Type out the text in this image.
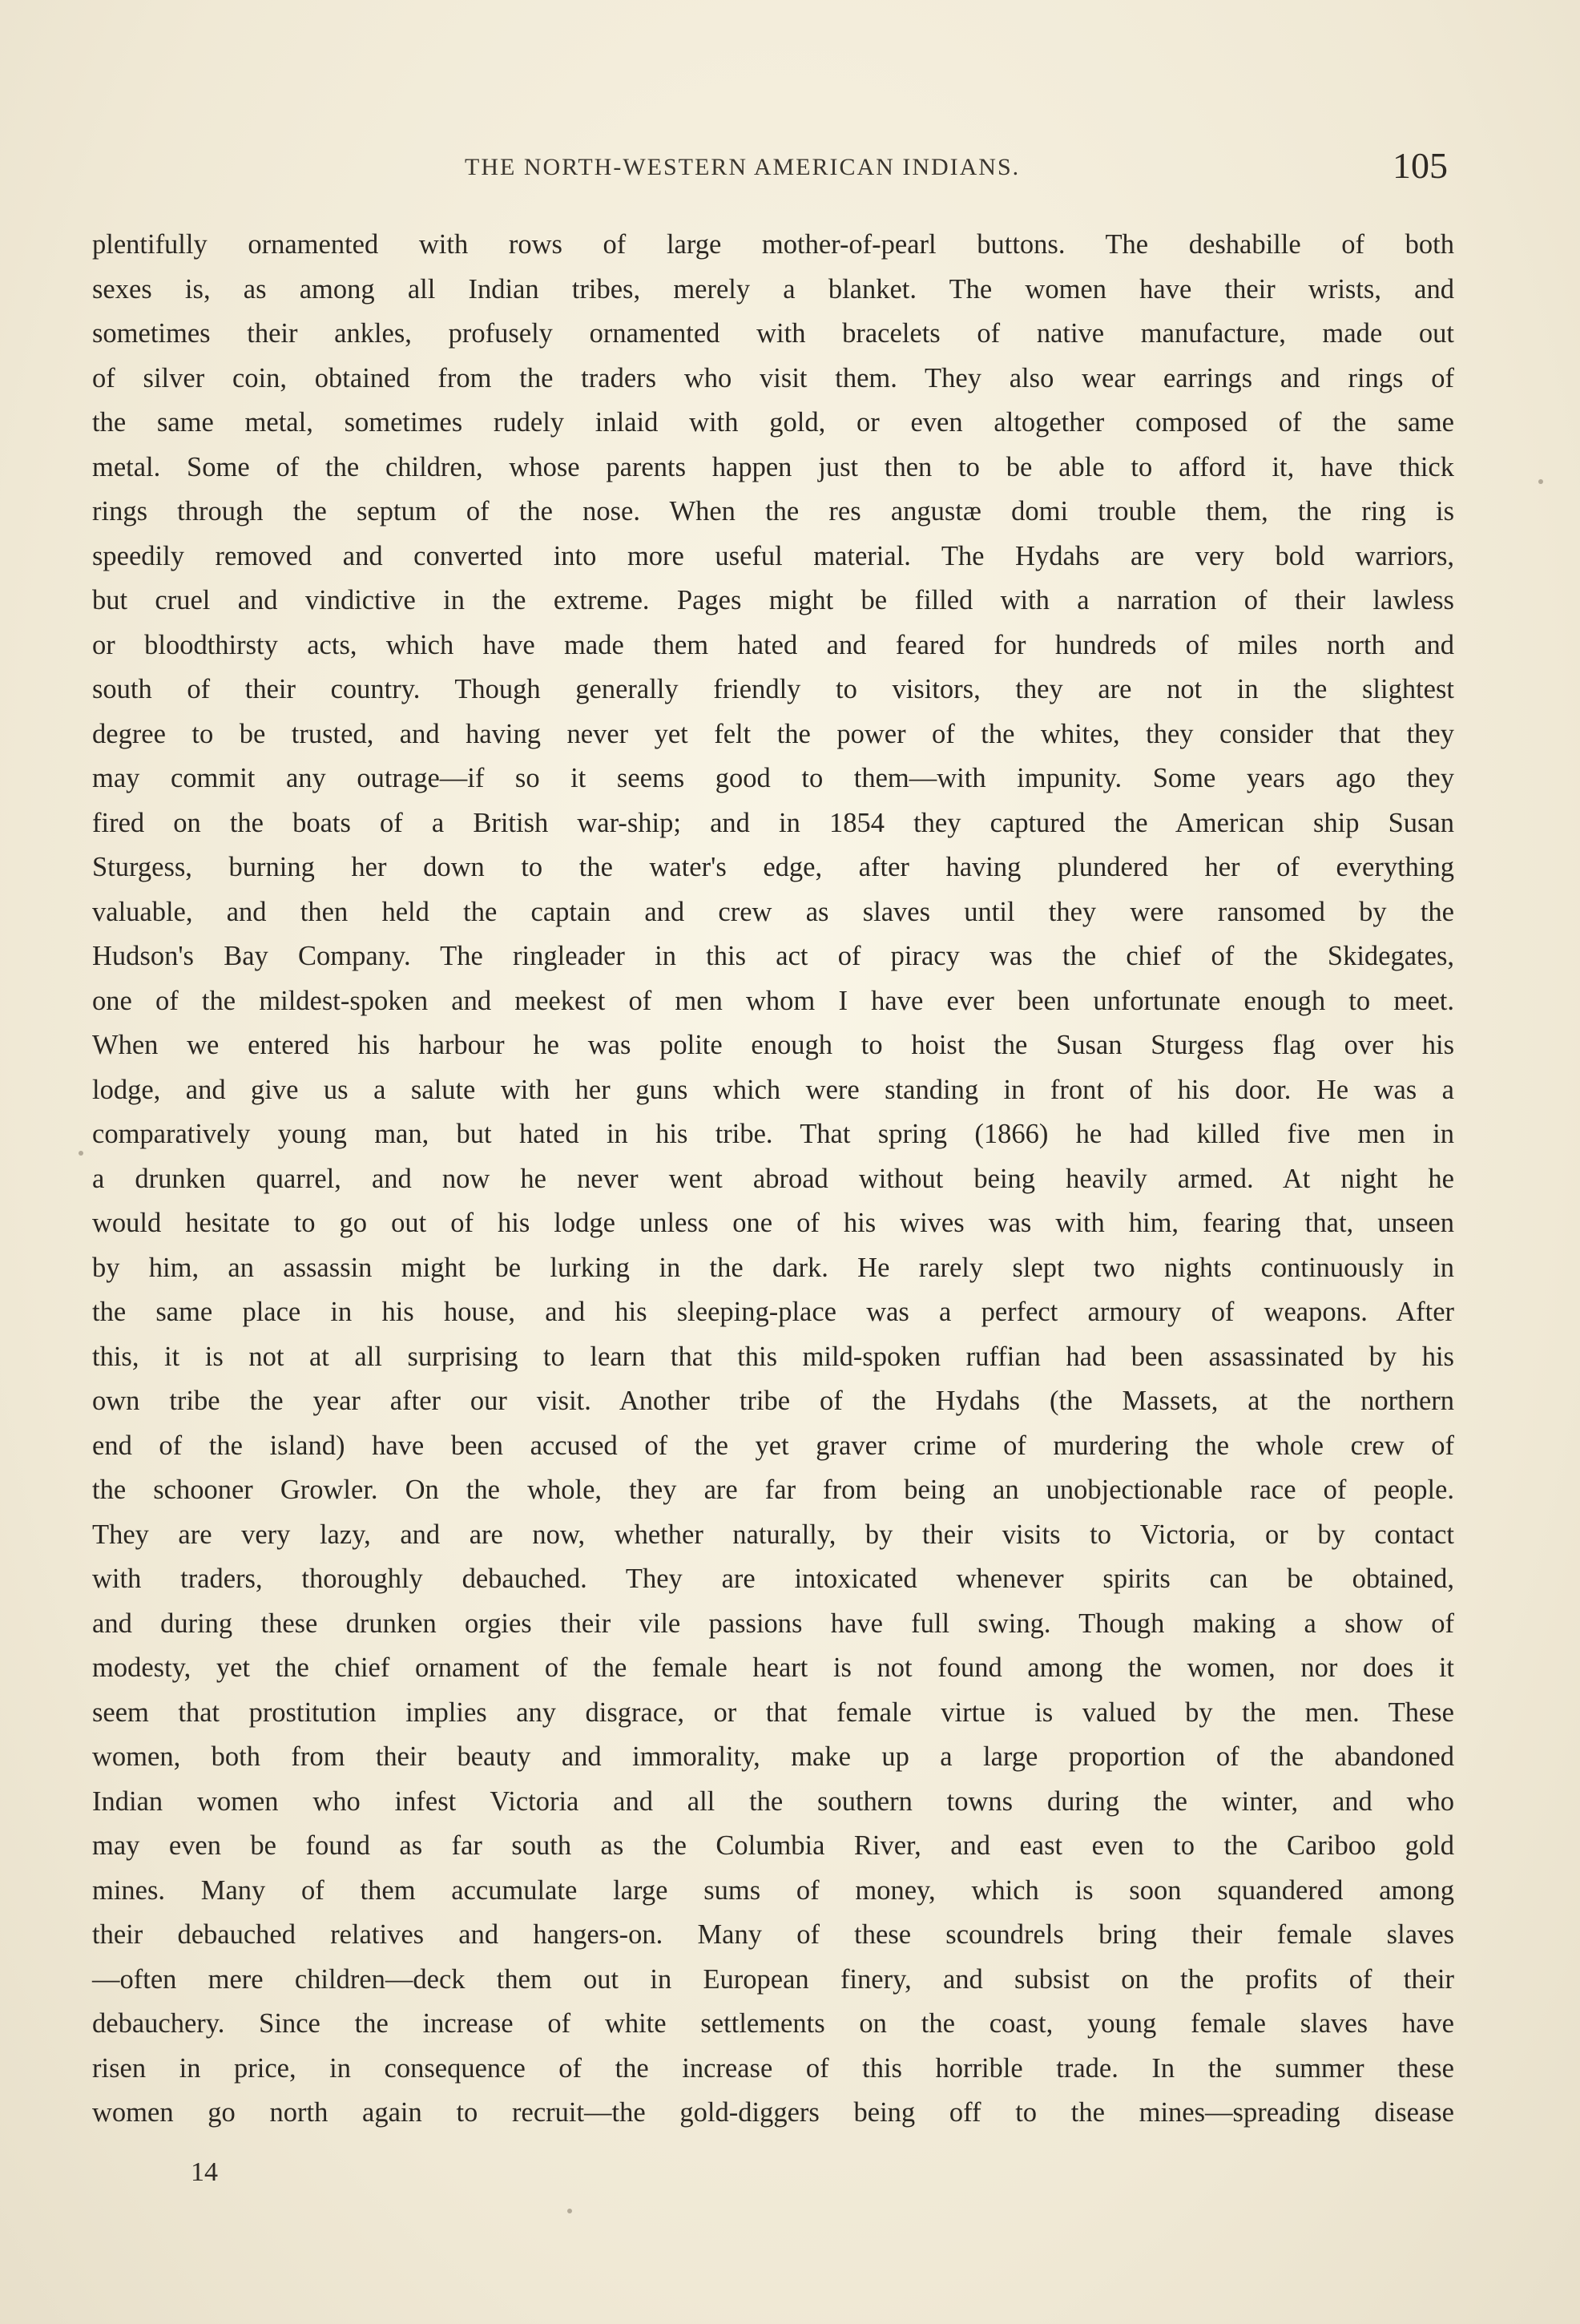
THE NORTH-WESTERN AMERICAN INDIANS.	105
plentifully ornamented with rows of large mother-of-pearl buttons. The deshabille of both
sexes is, as among all Indian tribes, merely a blanket. The women have their wrists, and
sometimes their ankles, profusely ornamented with bracelets of native manufacture, made out
of silver coin, obtained from the traders who visit them. They also wear earrings and rings of
the same metal, sometimes rudely inlaid with gold, or even altogether composed of the same
metal. Some of the children, whose parents happen just then to be able to afford it, have thick
rings through the septum of the nose. When the res angustæ domi trouble them, the ring is
speedily removed and converted into more useful material. The Hydahs are very bold warriors,
but cruel and vindictive in the extreme. Pages might be filled with a narration of their lawless
or bloodthirsty acts, which have made them hated and feared for hundreds of miles north and
south of their country. Though generally friendly to visitors, they are not in the slightest
degree to be trusted, and having never yet felt the power of the whites, they consider that they
may commit any outrage—if so it seems good to them—with impunity. Some years ago they
fired on the boats of a British war-ship; and in 1854 they captured the American ship Susan
Sturgess, burning her down to the water's edge, after having plundered her of everything
valuable, and then held the captain and crew as slaves until they were ransomed by the
Hudson's Bay Company. The ringleader in this act of piracy was the chief of the Skidegates,
one of the mildest-spoken and meekest of men whom I have ever been unfortunate enough to meet.
When we entered his harbour he was polite enough to hoist the Susan Sturgess flag over his
lodge, and give us a salute with her guns which were standing in front of his door. He was a
comparatively young man, but hated in his tribe. That spring (1866) he had killed five men in
a drunken quarrel, and now he never went abroad without being heavily armed. At night he
would hesitate to go out of his lodge unless one of his wives was with him, fearing that, unseen
by him, an assassin might be lurking in the dark. He rarely slept two nights continuously in
the same place in his house, and his sleeping-place was a perfect armoury of weapons. After
this, it is not at all surprising to learn that this mild-spoken ruffian had been assassinated by his
own tribe the year after our visit. Another tribe of the Hydahs (the Massets, at the northern
end of the island) have been accused of the yet graver crime of murdering the whole crew of
the schooner Growler. On the whole, they are far from being an unobjectionable race of people.
They are very lazy, and are now, whether naturally, by their visits to Victoria, or by contact
with traders, thoroughly debauched. They are intoxicated whenever spirits can be obtained,
and during these drunken orgies their vile passions have full swing. Though making a show of
modesty, yet the chief ornament of the female heart is not found among the women, nor does it
seem that prostitution implies any disgrace, or that female virtue is valued by the men. These
women, both from their beauty and immorality, make up a large proportion of the abandoned
Indian women who infest Victoria and all the southern towns during the winter, and who
may even be found as far south as the Columbia River, and east even to the Cariboo gold
mines. Many of them accumulate large sums of money, which is soon squandered among
their debauched relatives and hangers-on. Many of these scoundrels bring their female slaves
—often mere children—deck them out in European finery, and subsist on the profits of their
debauchery. Since the increase of white settlements on the coast, young female slaves have
risen in price, in consequence of the increase of this horrible trade. In the summer these
women go north again to recruit—the gold-diggers being off to the mines—spreading disease
14
